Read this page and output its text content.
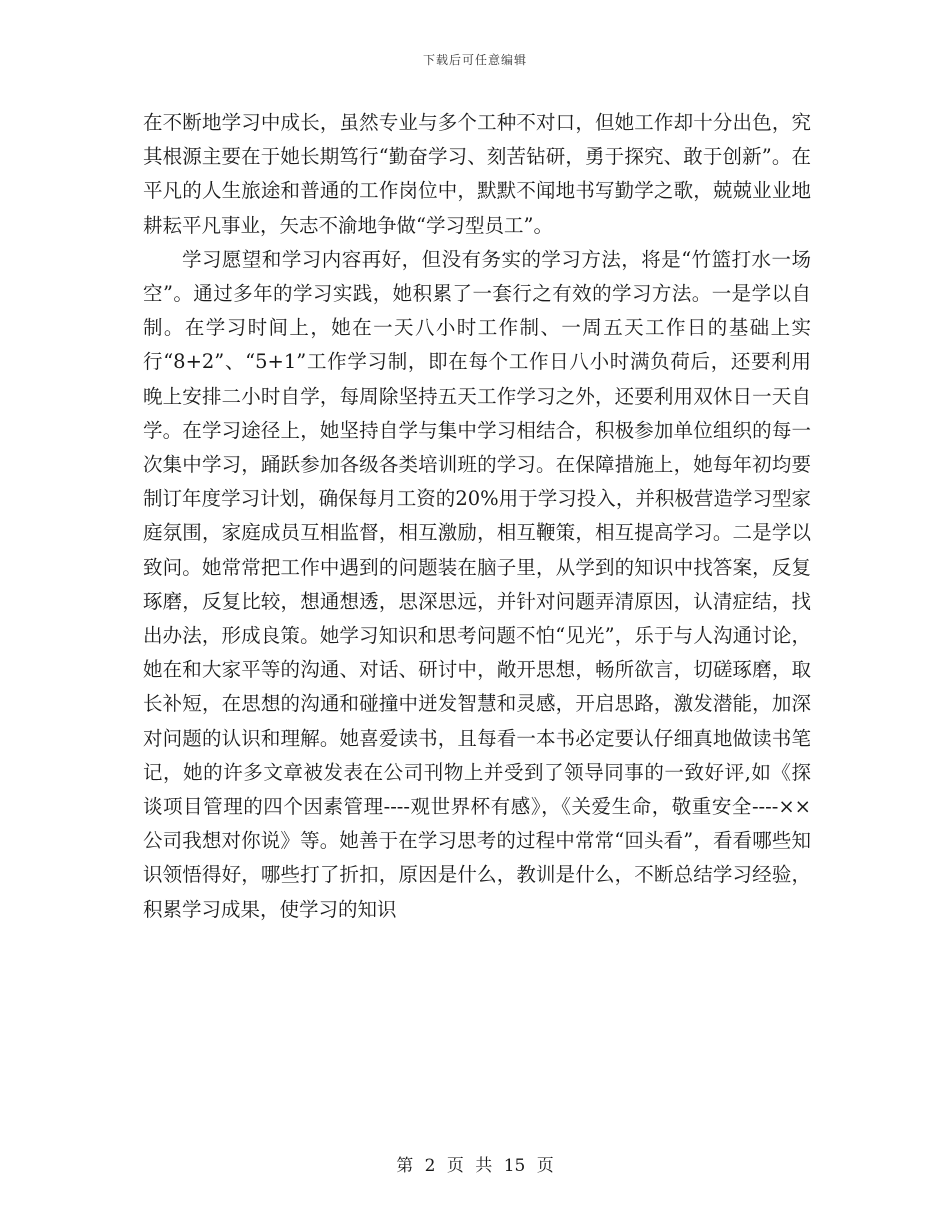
下载后可任意编辑

在不断地学习中成长，虽然专业与多个工种不对口，但她工作却十分出色，究其根源主要在于她长期笃行“勤奋学习、刻苦钻研，勇于探究、敢于创新”。在平凡的人生旅途和普通的工作岗位中，默默不闻地书写勤学之歌，兢兢业业地耕耘平凡事业，矢志不渝地争做“学习型员工”。

学习愿望和学习内容再好，但没有务实的学习方法，将是“竹篮打水一场空”。通过多年的学习实践，她积累了一套行之有效的学习方法。一是学以自制。在学习时间上，她在一天八小时工作制、一周五天工作日的基础上实行“8+2”、“5+1”工作学习制，即在每个工作日八小时满负荷后，还要利用晚上安排二小时自学，每周除坚持五天工作学习之外，还要利用双休日一天自学。在学习途径上，她坚持自学与集中学习相结合，积极参加单位组织的每一次集中学习，踊跃参加各级各类培训班的学习。在保障措施上，她每年初均要制订年度学习计划，确保每月工资的20%用于学习投入，并积极营造学习型家庭氛围，家庭成员互相监督，相互激励，相互鞭策，相互提高学习。二是学以致问。她常常把工作中遇到的问题装在脑子里，从学到的知识中找答案，反复琢磨，反复比较，想通想透，思深思远，并针对问题弄清原因，认清症结，找出办法，形成良策。她学习知识和思考问题不怕“见光”，乐于与人沟通讨论，她在和大家平等的沟通、对话、研讨中，敞开思想，畅所欲言，切磋琢磨，取长补短，在思想的沟通和碰撞中迸发智慧和灵感，开启思路，激发潜能，加深对问题的认识和理解。她喜爱读书，且每看一本书必定要认仔细真地做读书笔记，她的许多文章被发表在公司刊物上并受到了领导同事的一致好评,如《探谈项目管理的四个因素管理----观世界杯有感》，《关爱生命，敬重安全----××公司我想对你说》等。她善于在学习思考的过程中常常“回头看”，看看哪些知识领悟得好，哪些打了折扣，原因是什么，教训是什么，不断总结学习经验，积累学习成果，使学习的知识

第 2 页 共 15 页
